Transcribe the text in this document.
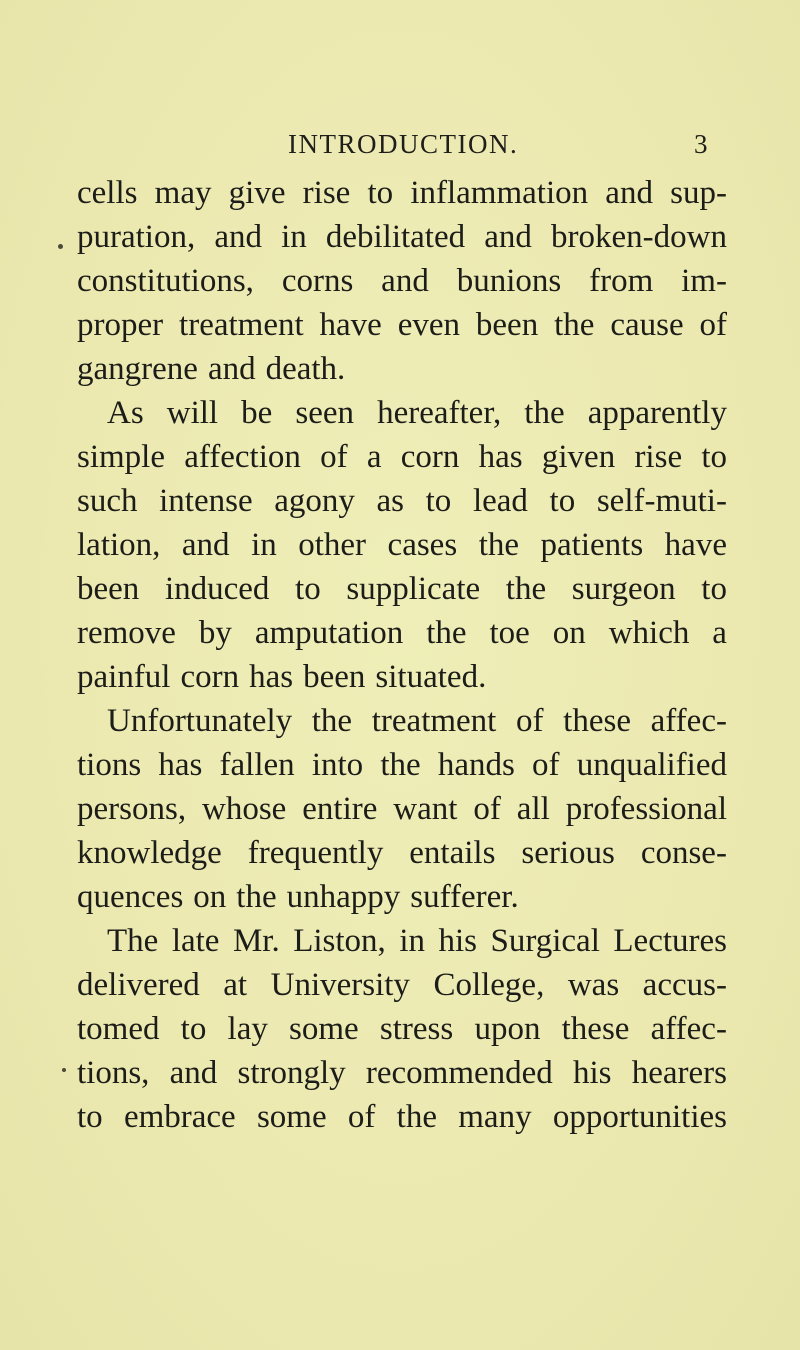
INTRODUCTION.	3
cells may give rise to inflammation and sup-
puration, and in debilitated and broken-down
constitutions, corns and bunions from im-
proper treatment have even been the cause of
gangrene and death.
As will be seen hereafter, the apparently
simple affection of a corn has given rise to
such intense agony as to lead to self-muti-
lation, and in other cases the patients have
been induced to supplicate the surgeon to
remove by amputation the toe on which a
painful corn has been situated.
Unfortunately the treatment of these affec-
tions has fallen into the hands of unqualified
persons, whose entire want of all professional
knowledge frequently entails serious conse-
quences on the unhappy sufferer.
The late Mr. Liston, in his Surgical Lectures
delivered at University College, was accus-
tomed to lay some stress upon these affec-
tions, and strongly recommended his hearers
to embrace some of the many opportunities
